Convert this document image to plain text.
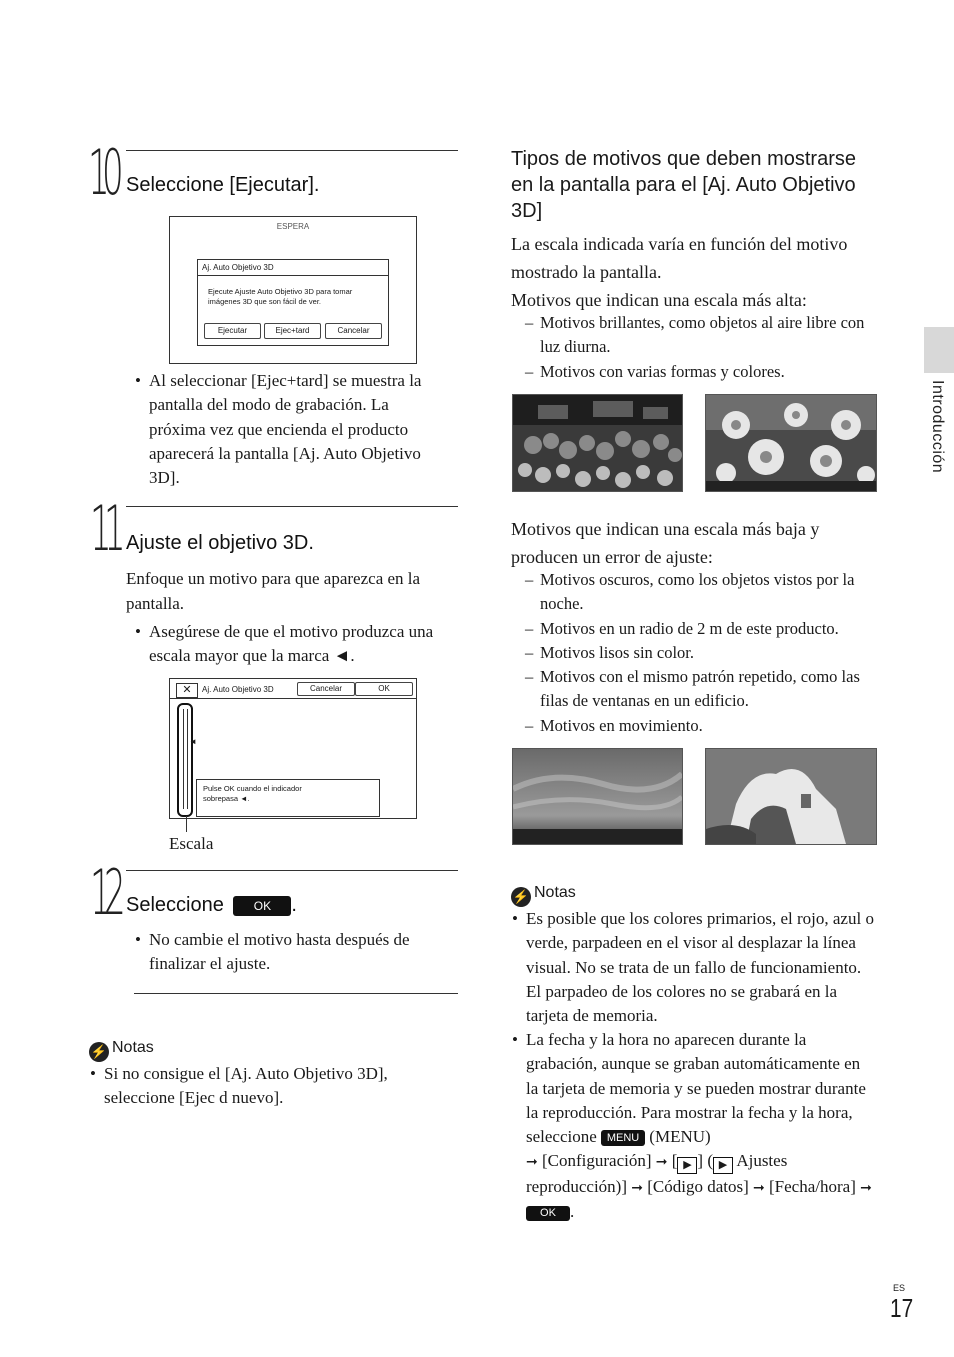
Introducción
10 Seleccione [Ejecutar].
ESPERA
Aj. Auto Objetivo 3D
Ejecute Ajuste Auto Objetivo 3D para tomar imágenes 3D que son fácil de ver.
Ejecutar	Ejec+tard	Cancelar
• Al seleccionar [Ejec+tard] se muestra la pantalla del modo de grabación. La próxima vez que encienda el producto aparecerá la pantalla [Aj. Auto Objetivo 3D].
11 Ajuste el objetivo 3D.
Enfoque un motivo para que aparezca en la pantalla.
• Asegúrese de que el motivo produzca una escala mayor que la marca ◄.
✕	Aj. Auto Objetivo 3D	Cancelar	OK
◄
Pulse OK cuando el indicador sobrepasa ◄.
Escala
12 Seleccione OK .
• No cambie el motivo hasta después de finalizar el ajuste.
⚡ Notas
• Si no consigue el [Aj. Auto Objetivo 3D], seleccione [Ejec d nuevo].
Tipos de motivos que deben mostrarse en la pantalla para el [Aj. Auto Objetivo 3D]
La escala indicada varía en función del motivo mostrado la pantalla.
Motivos que indican una escala más alta:
– Motivos brillantes, como objetos al aire libre con luz diurna.
– Motivos con varias formas y colores.
Motivos que indican una escala más baja y producen un error de ajuste:
– Motivos oscuros, como los objetos vistos por la noche.
– Motivos en un radio de 2 m de este producto.
– Motivos lisos sin color.
– Motivos con el mismo patrón repetido, como las filas de ventanas en un edificio.
– Motivos en movimiento.
⚡ Notas
• Es posible que los colores primarios, el rojo, azul o verde, parpadeen en el visor al desplazar la línea visual. No se trata de un fallo de funcionamiento. El parpadeo de los colores no se grabará en la tarjeta de memoria.
• La fecha y la hora no aparecen durante la grabación, aunque se graban automáticamente en la tarjeta de memoria y se pueden mostrar durante la reproducción. Para mostrar la fecha y la hora, seleccione MENU (MENU)
➞ [Configuración] ➞ [ ▶ ] ( ▶ Ajustes reproducción)] ➞ [Código datos] ➞ [Fecha/hora] ➞ OK .
ES
17
